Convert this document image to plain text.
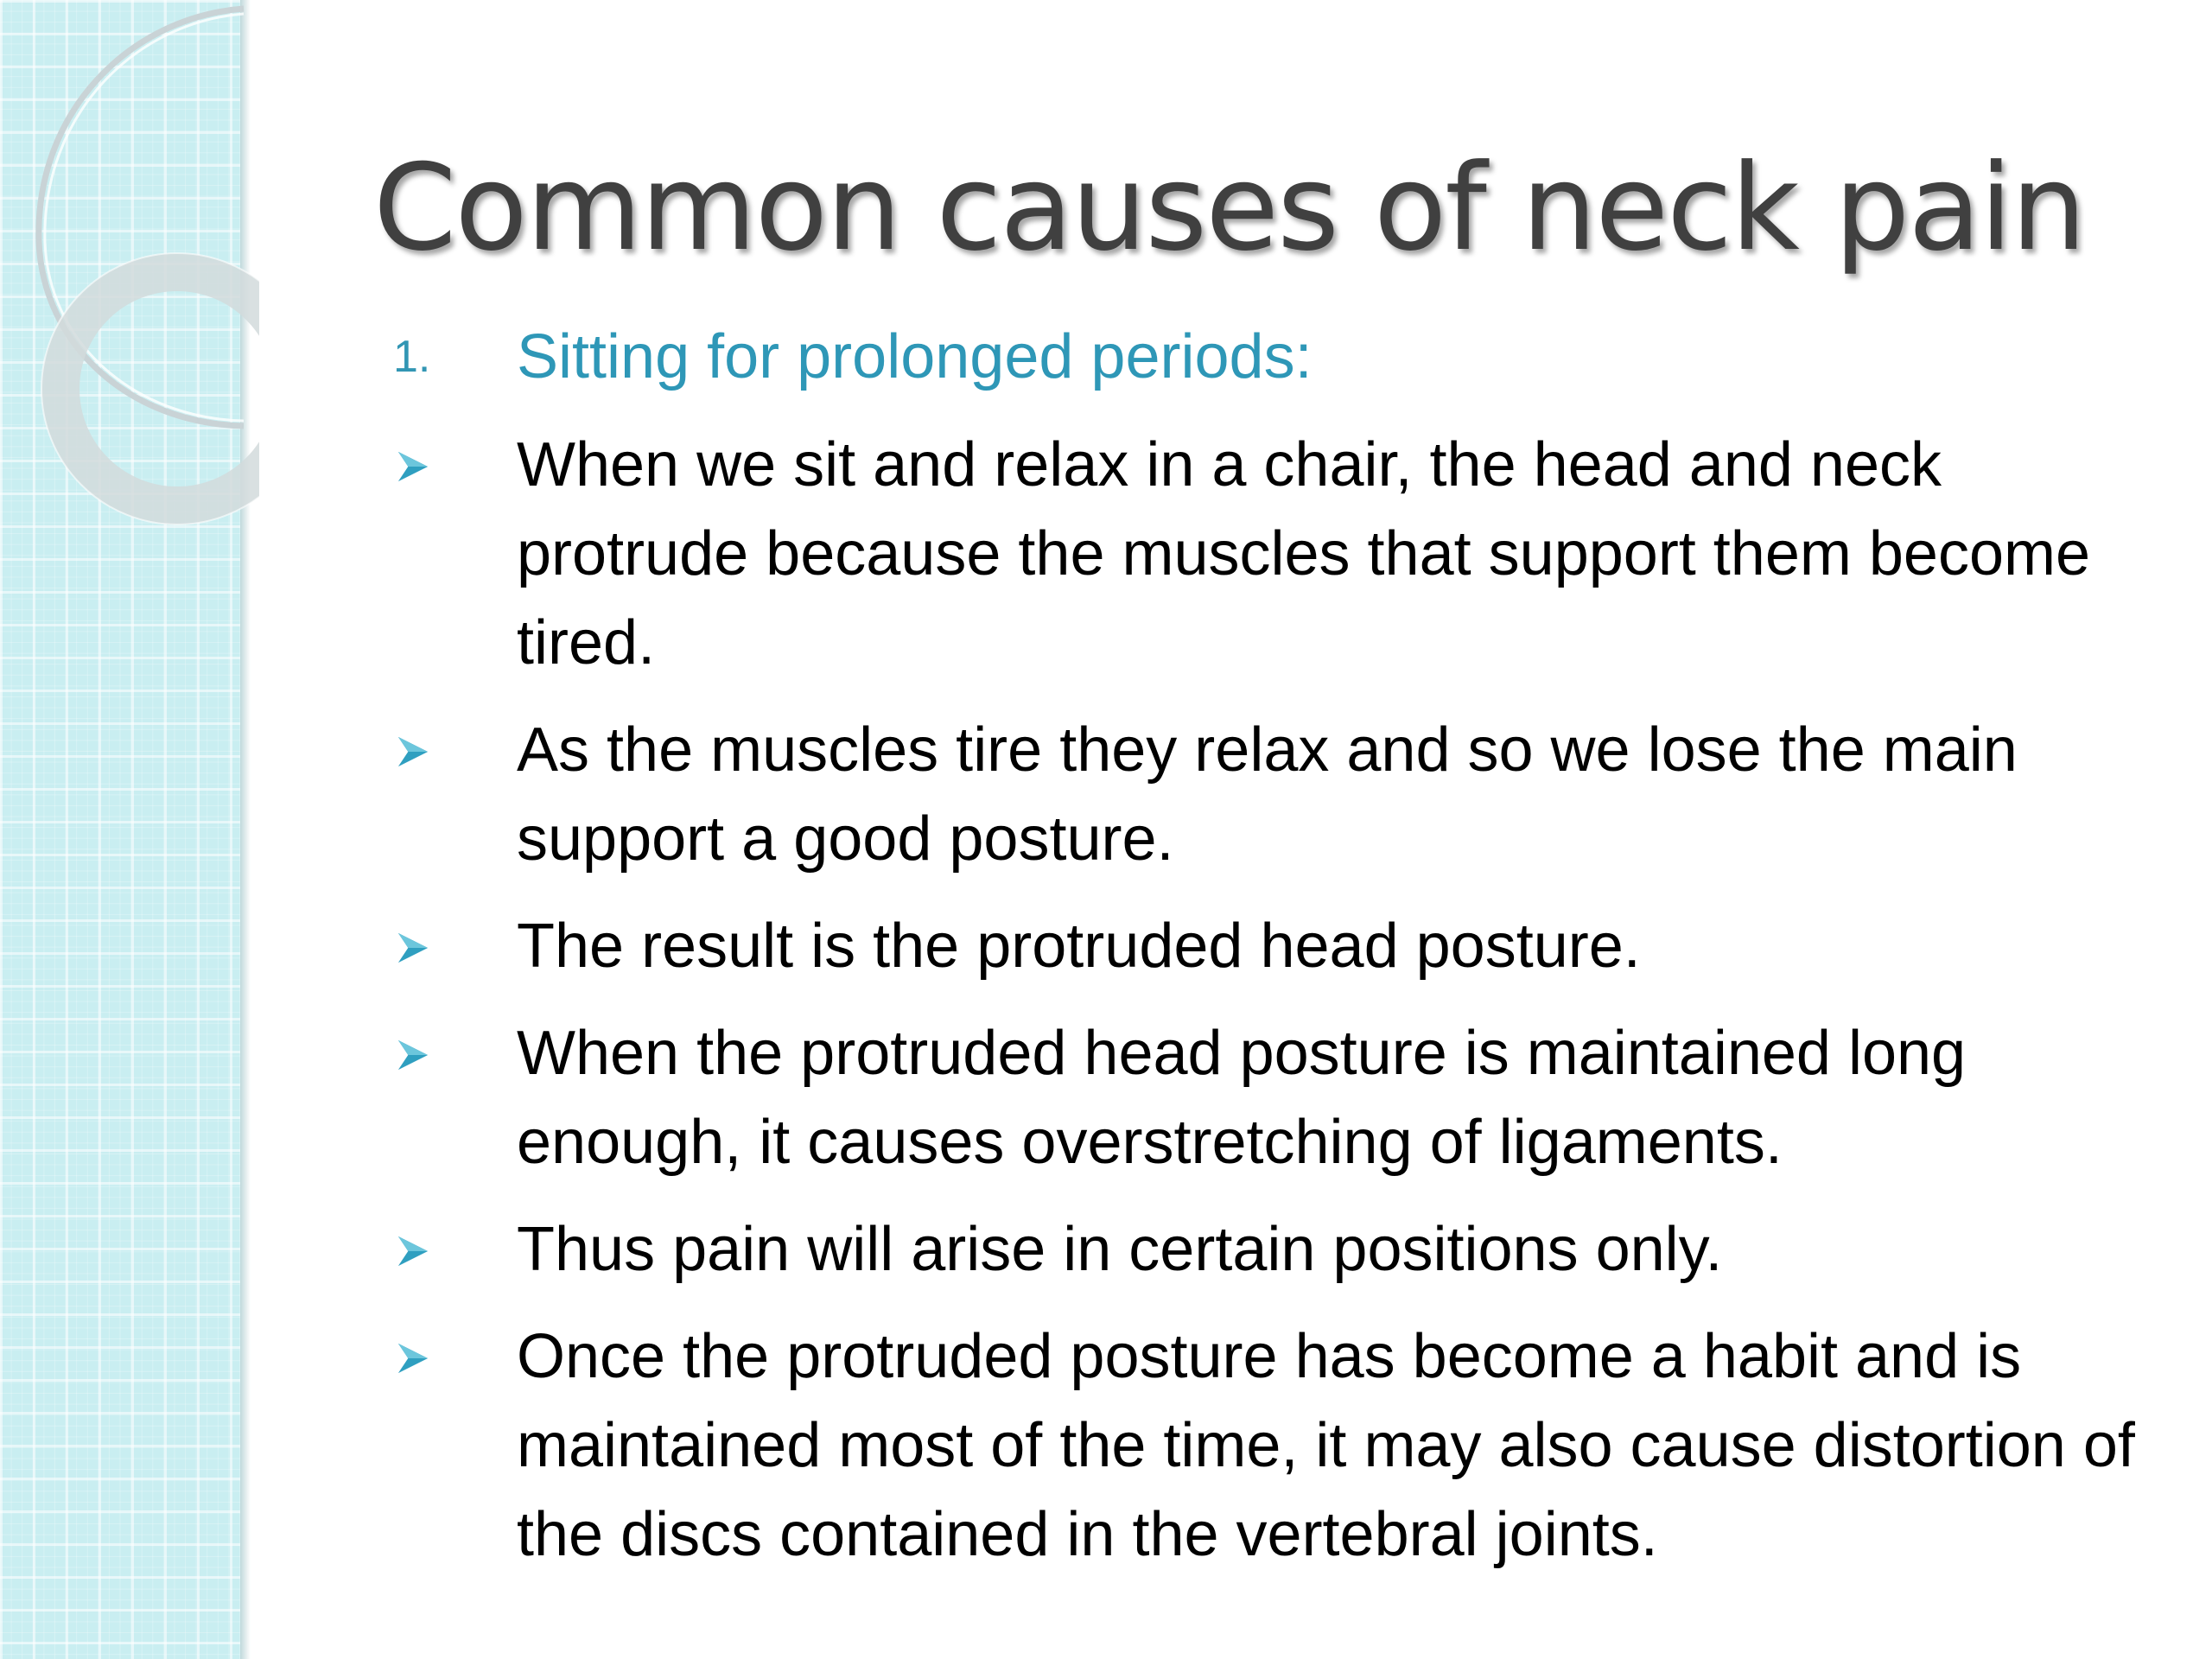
Common causes of neck pain
1. Sitting for prolonged periods:
When we sit and relax in a chair, the head and neck protrude because the muscles that support them become tired.
As the muscles tire they relax and so we lose the main support a good posture.
The result is the protruded head posture.
When the protruded head posture is maintained long enough, it causes overstretching of ligaments.
Thus pain will arise in certain positions only.
Once the protruded posture has become a habit and is maintained most of the time, it may also cause distortion of the discs contained in the vertebral joints.
